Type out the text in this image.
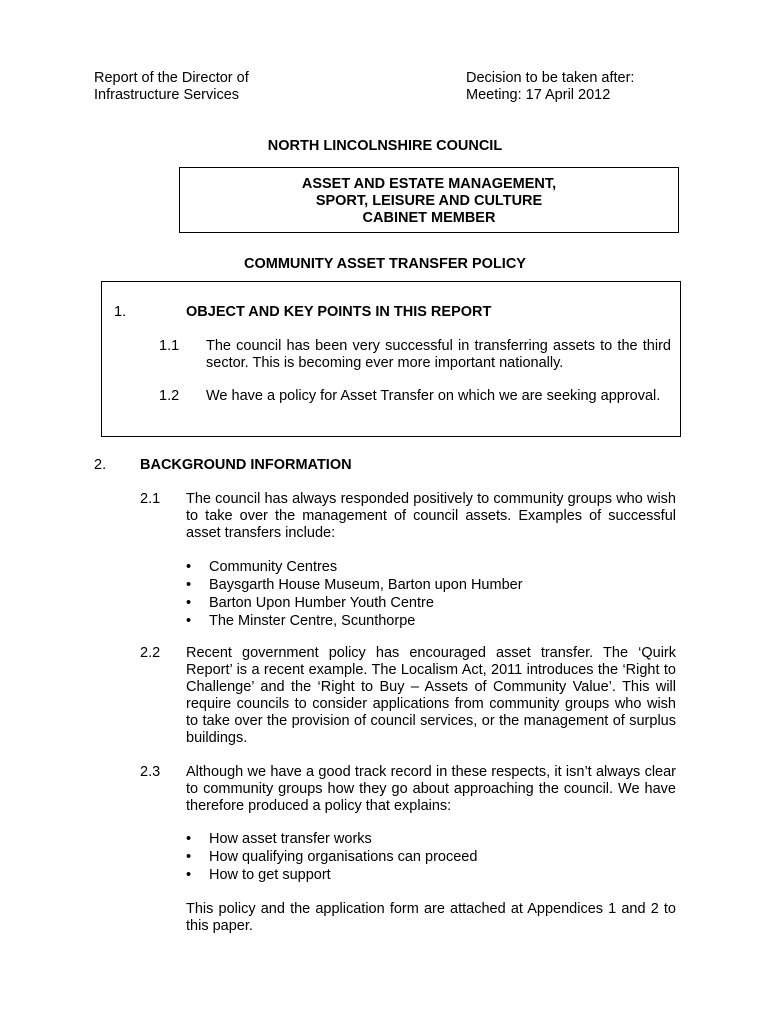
Report of the Director of
Infrastructure Services
Decision to be taken after:
Meeting: 17 April 2012
NORTH LINCOLNSHIRE COUNCIL
ASSET AND ESTATE MANAGEMENT,
SPORT, LEISURE AND CULTURE
CABINET MEMBER
COMMUNITY ASSET TRANSFER POLICY
1.	OBJECT AND KEY POINTS IN THIS REPORT
1.1 The council has been very successful in transferring assets to the third sector. This is becoming ever more important nationally.
1.2 We have a policy for Asset Transfer on which we are seeking approval.
2. BACKGROUND INFORMATION
2.1 The council has always responded positively to community groups who wish to take over the management of council assets. Examples of successful asset transfers include:
• Community Centres
• Baysgarth House Museum, Barton upon Humber
• Barton Upon Humber Youth Centre
• The Minster Centre, Scunthorpe
2.2 Recent government policy has encouraged asset transfer. The ‘Quirk Report’ is a recent example. The Localism Act, 2011 introduces the ‘Right to Challenge’ and the ‘Right to Buy – Assets of Community Value’. This will require councils to consider applications from community groups who wish to take over the provision of council services, or the management of surplus buildings.
2.3 Although we have a good track record in these respects, it isn’t always clear to community groups how they go about approaching the council. We have therefore produced a policy that explains:
• How asset transfer works
• How qualifying organisations can proceed
• How to get support
This policy and the application form are attached at Appendices 1 and 2 to this paper.
